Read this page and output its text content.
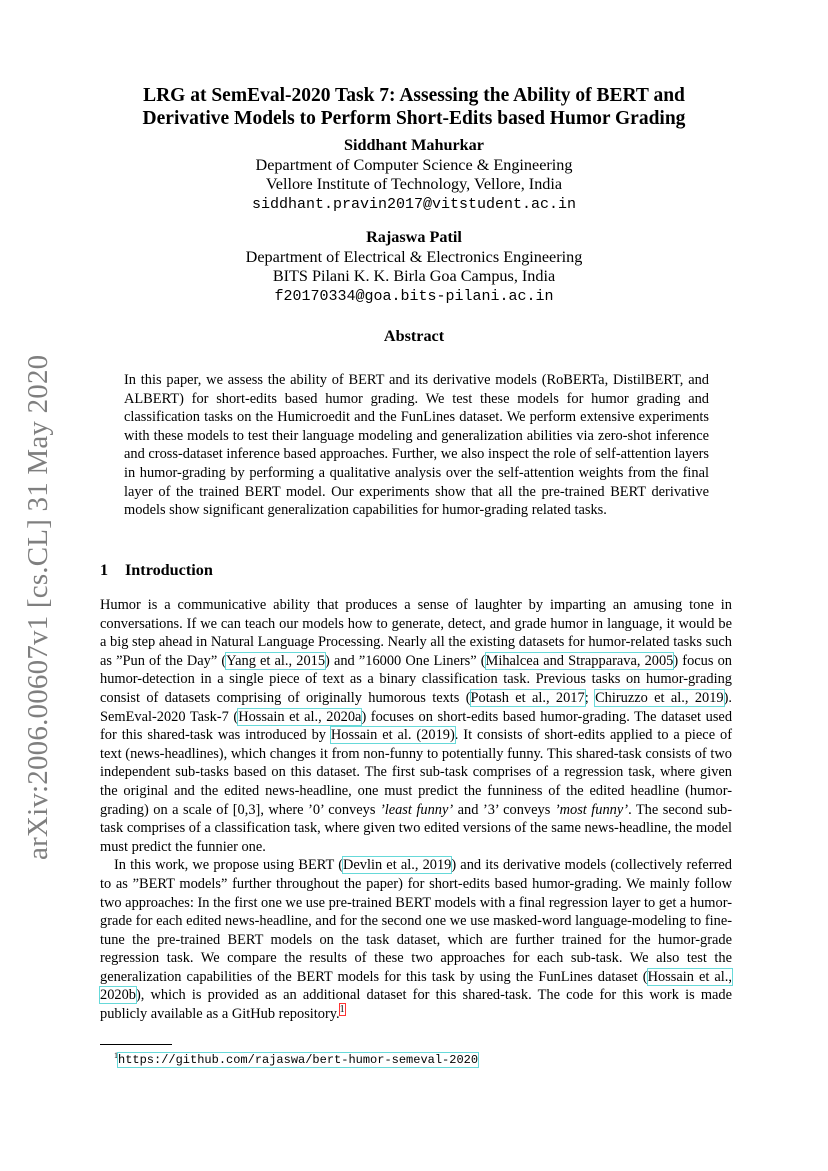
arXiv:2006.00607v1 [cs.CL] 31 May 2020
LRG at SemEval-2020 Task 7: Assessing the Ability of BERT and
Derivative Models to Perform Short-Edits based Humor Grading
Siddhant Mahurkar
Department of Computer Science & Engineering
Vellore Institute of Technology, Vellore, India
siddhant.pravin2017@vitstudent.ac.in
Rajaswa Patil
Department of Electrical & Electronics Engineering
BITS Pilani K. K. Birla Goa Campus, India
f20170334@goa.bits-pilani.ac.in
Abstract
In this paper, we assess the ability of BERT and its derivative models (RoBERTa, DistilBERT, and ALBERT) for short-edits based humor grading. We test these models for humor grading and classification tasks on the Humicroedit and the FunLines dataset. We perform extensive experiments with these models to test their language modeling and generalization abilities via zero-shot inference and cross-dataset inference based approaches. Further, we also inspect the role of self-attention layers in humor-grading by performing a qualitative analysis over the self-attention weights from the final layer of the trained BERT model. Our experiments show that all the pre-trained BERT derivative models show significant generalization capabilities for humor-grading related tasks.
1 Introduction

Humor is a communicative ability that produces a sense of laughter by imparting an amusing tone in conversations. If we can teach our models how to generate, detect, and grade humor in language, it would be a big step ahead in Natural Language Processing. Nearly all the existing datasets for humor-related tasks such as ”Pun of the Day” (Yang et al., 2015) and ”16000 One Liners” (Mihalcea and Strapparava, 2005) focus on humor-detection in a single piece of text as a binary classification task. Previous tasks on humor-grading consist of datasets comprising of originally humorous texts (Potash et al., 2017; Chiruzzo et al., 2019). SemEval-2020 Task-7 (Hossain et al., 2020a) focuses on short-edits based humor-grading. The dataset used for this shared-task was introduced by Hossain et al. (2019). It consists of short-edits applied to a piece of text (news-headlines), which changes it from non-funny to potentially funny. This shared-task consists of two independent sub-tasks based on this dataset. The first sub-task comprises of a regression task, where given the original and the edited news-headline, one must predict the funniness of the edited headline (humor-grading) on a scale of [0,3], where ’0’ conveys ’least funny’ and ’3’ conveys ’most funny’. The second sub-task comprises of a classification task, where given two edited versions of the same news-headline, the model must predict the funnier one.

In this work, we propose using BERT (Devlin et al., 2019) and its derivative models (collectively referred to as ”BERT models” further throughout the paper) for short-edits based humor-grading. We mainly follow two approaches: In the first one we use pre-trained BERT models with a final regression layer to get a humor-grade for each edited news-headline, and for the second one we use masked-word language-modeling to fine-tune the pre-trained BERT models on the task dataset, which are further trained for the humor-grade regression task. We compare the results of these two approaches for each sub-task. We also test the generalization capabilities of the BERT models for this task by using the FunLines dataset (Hossain et al., 2020b), which is provided as an additional dataset for this shared-task. The code for this work is made publicly available as a GitHub repository.$^1$

$^1$https://github.com/rajaswa/bert-humor-semeval-2020
